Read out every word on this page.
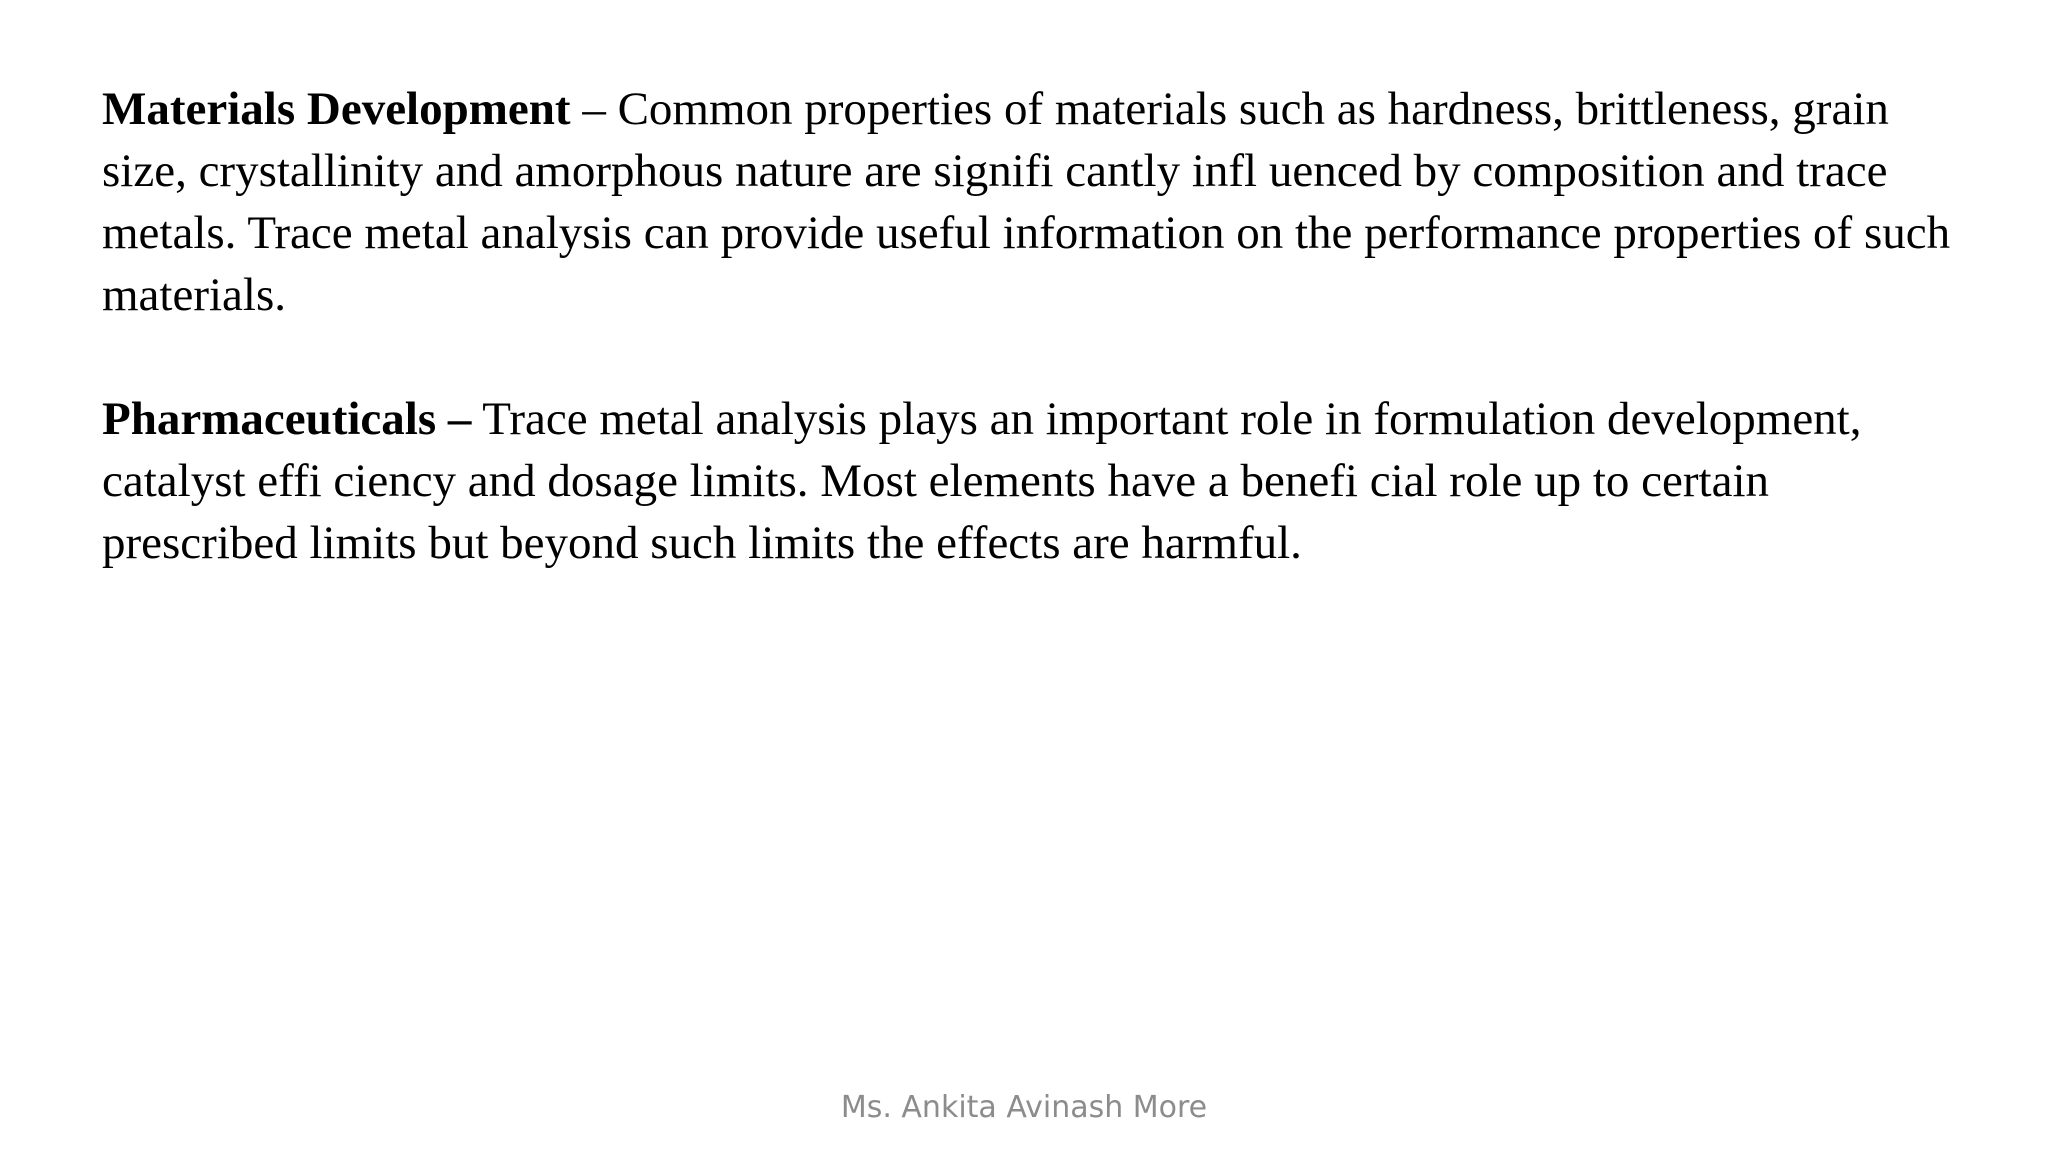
Materials Development – Common properties of materials such as hardness, brittleness, grain size, crystallinity and amorphous nature are signifi cantly infl uenced by composition and trace metals. Trace metal analysis can provide useful information on the performance properties of such materials.

Pharmaceuticals – Trace metal analysis plays an important role in formulation development, catalyst effi ciency and dosage limits. Most elements have a benefi cial role up to certain prescribed limits but beyond such limits the effects are harmful.

Ms. Ankita Avinash More
